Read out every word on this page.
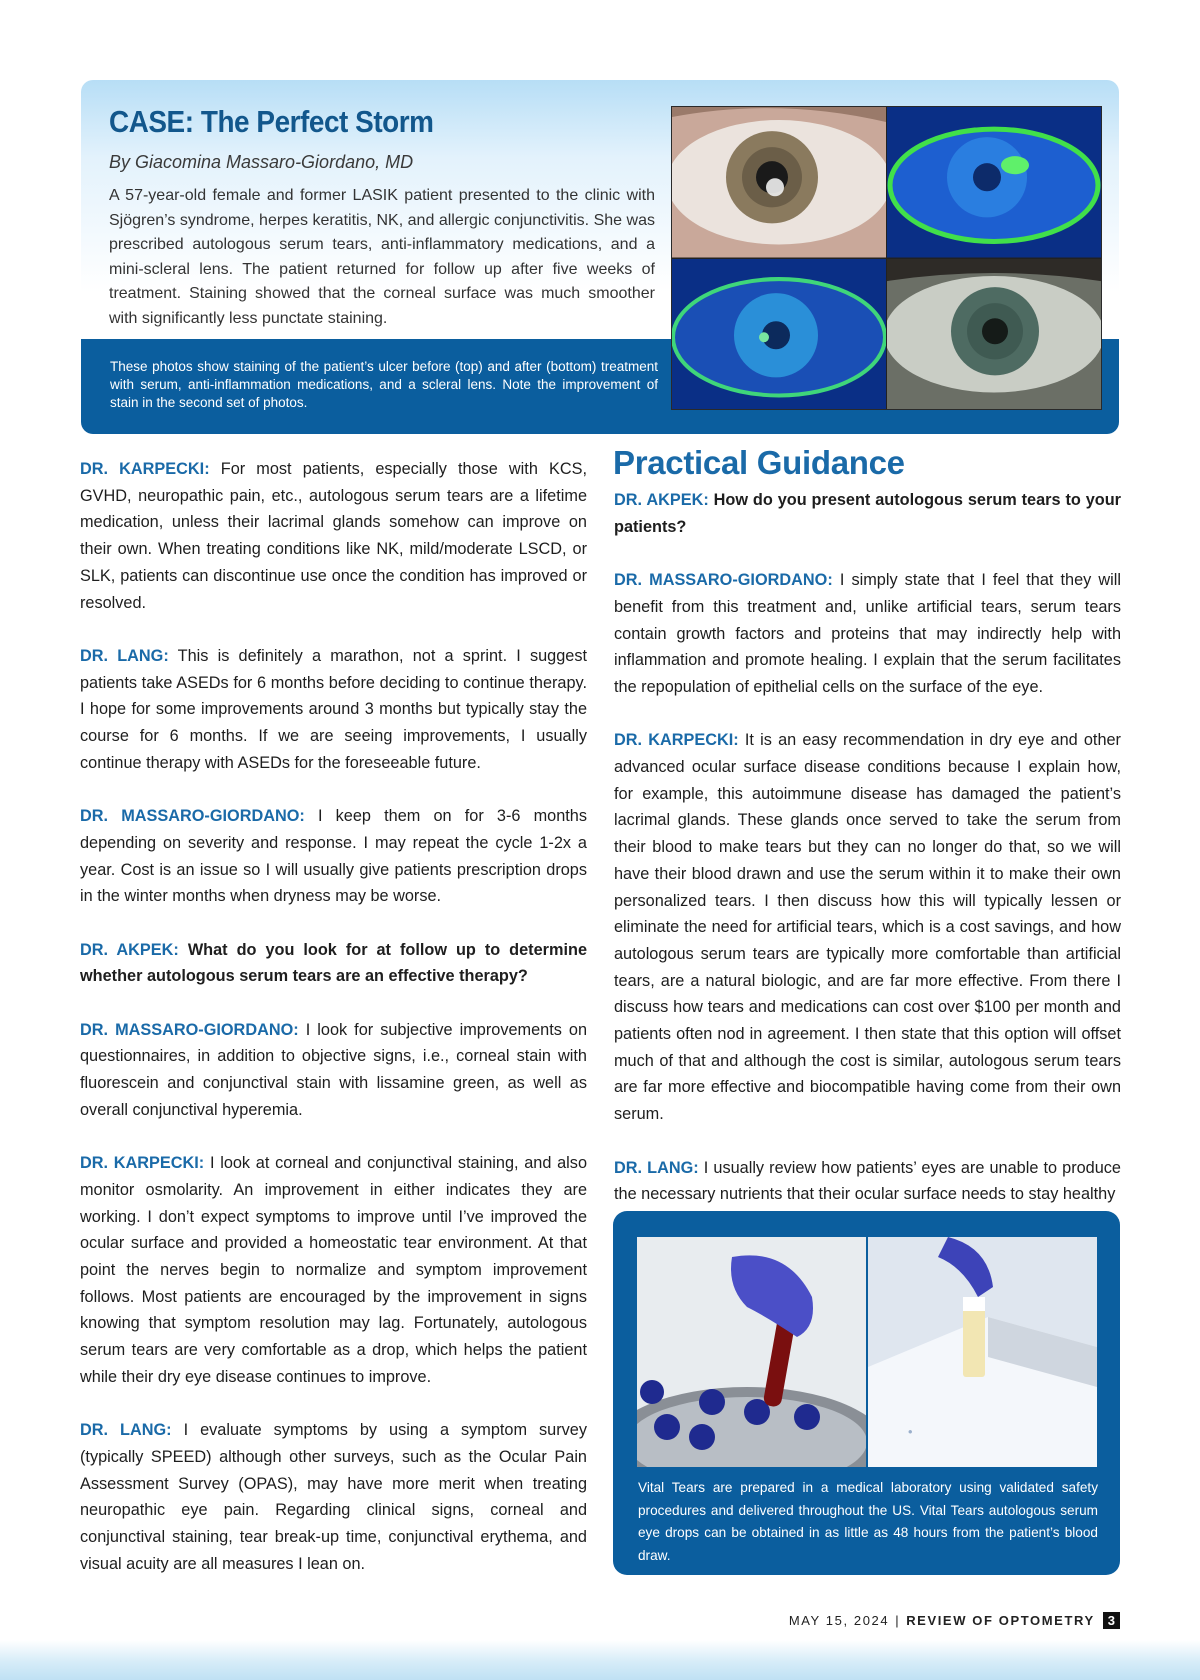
CASE: The Perfect Storm

By Giacomina Massaro-Giordano, MD

A 57-year-old female and former LASIK patient presented to the clinic with Sjögren’s syndrome, herpes keratitis, NK, and allergic conjunctivitis. She was prescribed autologous serum tears, anti-inflammatory medications, and a mini-scleral lens. The patient returned for follow up after five weeks of treatment. Staining showed that the corneal surface was much smoother with significantly less punctate staining.

These photos show staining of the patient’s ulcer before (top) and after (bottom) treatment with serum, anti-inflammation medications, and a scleral lens. Note the improvement of stain in the second set of photos.

DR. KARPECKI: For most patients, especially those with KCS, GVHD, neuropathic pain, etc., autologous serum tears are a lifetime medication, unless their lacrimal glands somehow can improve on their own. When treating conditions like NK, mild/moderate LSCD, or SLK, patients can discontinue use once the condition has improved or resolved.

DR. LANG: This is definitely a marathon, not a sprint. I suggest patients take ASEDs for 6 months before deciding to continue therapy. I hope for some improvements around 3 months but typically stay the course for 6 months. If we are seeing improvements, I usually continue therapy with ASEDs for the foreseeable future.

DR. MASSARO-GIORDANO: I keep them on for 3-6 months depending on severity and response. I may repeat the cycle 1-2x a year. Cost is an issue so I will usually give patients prescription drops in the winter months when dryness may be worse.

DR. AKPEK: What do you look for at follow up to determine whether autologous serum tears are an effective therapy?

DR. MASSARO-GIORDANO: I look for subjective improvements on questionnaires, in addition to objective signs, i.e., corneal stain with fluorescein and conjunctival stain with lissamine green, as well as overall conjunctival hyperemia.

DR. KARPECKI: I look at corneal and conjunctival staining, and also monitor osmolarity. An improvement in either indicates they are working. I don’t expect symptoms to improve until I’ve improved the ocular surface and provided a homeostatic tear environment. At that point the nerves begin to normalize and symptom improvement follows. Most patients are encouraged by the improvement in signs knowing that symptom resolution may lag. Fortunately, autologous serum tears are very comfortable as a drop, which helps the patient while their dry eye disease continues to improve.

DR. LANG: I evaluate symptoms by using a symptom survey (typically SPEED) although other surveys, such as the Ocular Pain Assessment Survey (OPAS), may have more merit when treating neuropathic eye pain. Regarding clinical signs, corneal and conjunctival staining, tear break-up time, conjunctival erythema, and visual acuity are all measures I lean on.

Practical Guidance

DR. AKPEK: How do you present autologous serum tears to your patients?

DR. MASSARO-GIORDANO: I simply state that I feel that they will benefit from this treatment and, unlike artificial tears, serum tears contain growth factors and proteins that may indirectly help with inflammation and promote healing. I explain that the serum facilitates the repopulation of epithelial cells on the surface of the eye.

DR. KARPECKI: It is an easy recommendation in dry eye and other advanced ocular surface disease conditions because I explain how, for example, this autoimmune disease has damaged the patient’s lacrimal glands. These glands once served to take the serum from their blood to make tears but they can no longer do that, so we will have their blood drawn and use the serum within it to make their own personalized tears. I then discuss how this will typically lessen or eliminate the need for artificial tears, which is a cost savings, and how autologous serum tears are typically more comfortable than artificial tears, are a natural biologic, and are far more effective. From there I discuss how tears and medications can cost over $100 per month and patients often nod in agreement. I then state that this option will offset much of that and although the cost is similar, autologous serum tears are far more effective and biocompatible having come from their own serum.

DR. LANG: I usually review how patients’ eyes are unable to produce the necessary nutrients that their ocular surface needs to stay healthy

•

Vital Tears are prepared in a medical laboratory using validated safety procedures and delivered throughout the US. Vital Tears autologous serum eye drops can be obtained in as little as 48 hours from the patient’s blood draw.

MAY 15, 2024 | REVIEW OF OPTOMETRY	3
